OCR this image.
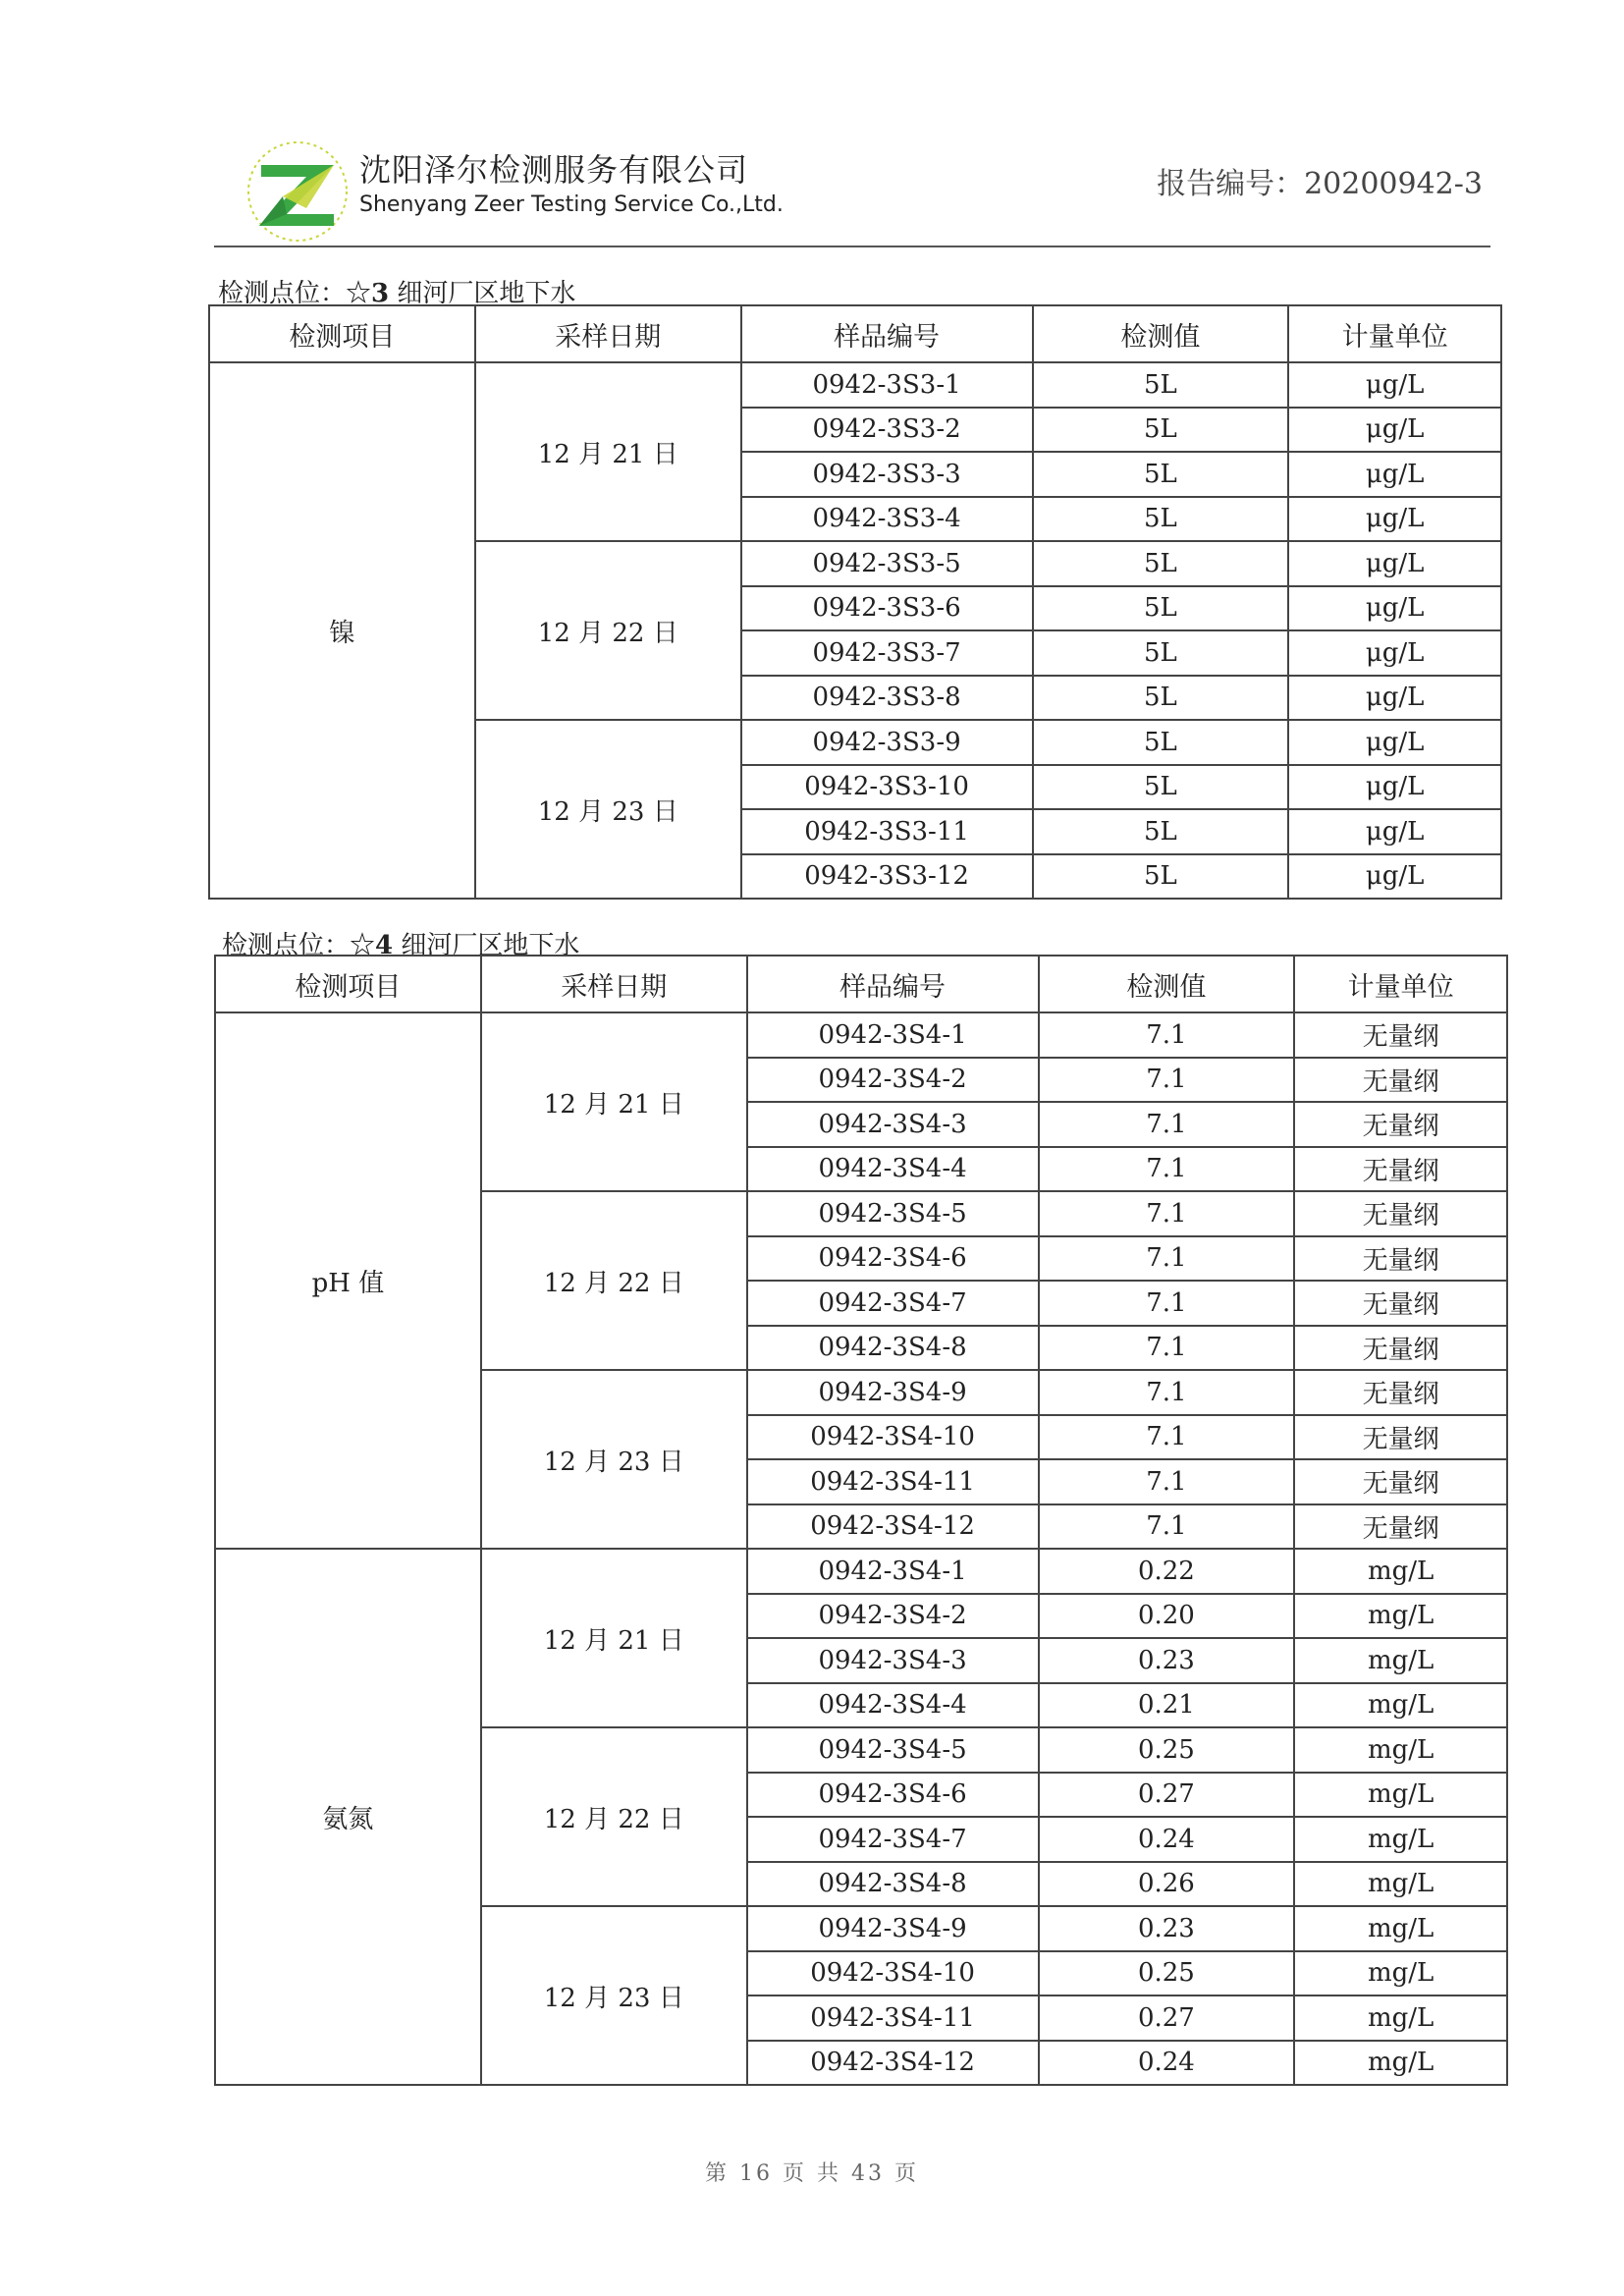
沈阳泽尔检测服务有限公司
Shenyang Zeer Testing Service Co.,Ltd.
报告编号：20200942-3
检测点位：☆3 细河厂区地下水
检测项目	采样日期	样品编号	检测值	计量单位
镍	12 月 21 日	0942-3S3-1	5L	μg/L
		0942-3S3-2	5L	μg/L
		0942-3S3-3	5L	μg/L
		0942-3S3-4	5L	μg/L
	12 月 22 日	0942-3S3-5	5L	μg/L
		0942-3S3-6	5L	μg/L
		0942-3S3-7	5L	μg/L
		0942-3S3-8	5L	μg/L
	12 月 23 日	0942-3S3-9	5L	μg/L
		0942-3S3-10	5L	μg/L
		0942-3S3-11	5L	μg/L
		0942-3S3-12	5L	μg/L
检测点位：☆4 细河厂区地下水
检测项目	采样日期	样品编号	检测值	计量单位
pH 值	12 月 21 日	0942-3S4-1	7.1	无量纲
		0942-3S4-2	7.1	无量纲
		0942-3S4-3	7.1	无量纲
		0942-3S4-4	7.1	无量纲
	12 月 22 日	0942-3S4-5	7.1	无量纲
		0942-3S4-6	7.1	无量纲
		0942-3S4-7	7.1	无量纲
		0942-3S4-8	7.1	无量纲
	12 月 23 日	0942-3S4-9	7.1	无量纲
		0942-3S4-10	7.1	无量纲
		0942-3S4-11	7.1	无量纲
		0942-3S4-12	7.1	无量纲
氨氮	12 月 21 日	0942-3S4-1	0.22	mg/L
		0942-3S4-2	0.20	mg/L
		0942-3S4-3	0.23	mg/L
		0942-3S4-4	0.21	mg/L
	12 月 22 日	0942-3S4-5	0.25	mg/L
		0942-3S4-6	0.27	mg/L
		0942-3S4-7	0.24	mg/L
		0942-3S4-8	0.26	mg/L
	12 月 23 日	0942-3S4-9	0.23	mg/L
		0942-3S4-10	0.25	mg/L
		0942-3S4-11	0.27	mg/L
		0942-3S4-12	0.24	mg/L
第 16 页 共 43 页
